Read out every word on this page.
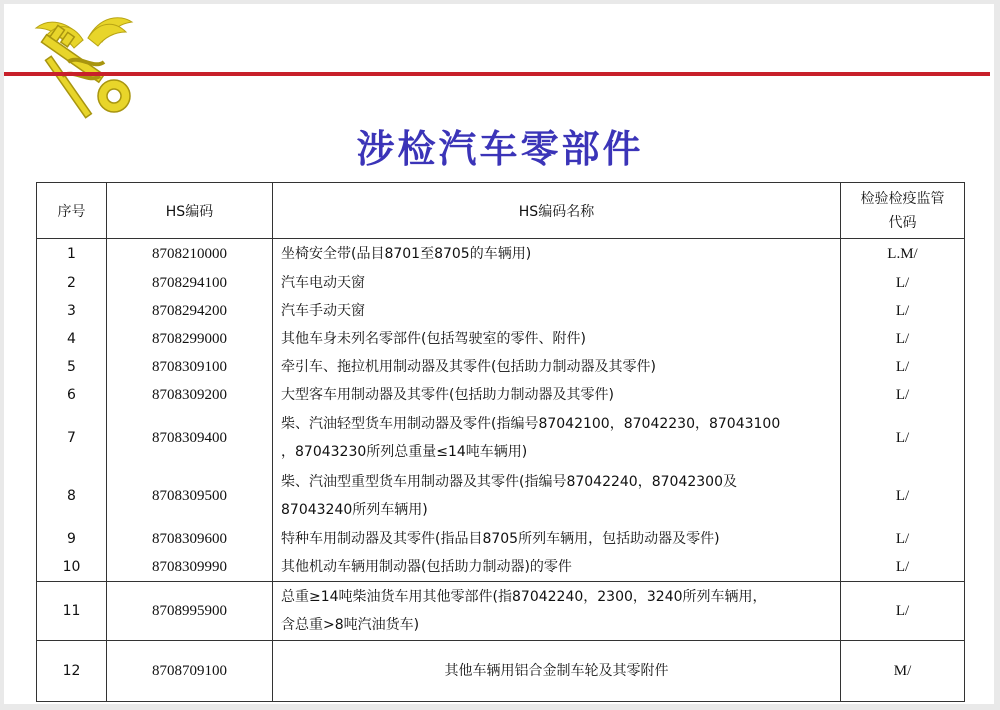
涉检汽车零部件
序号	HS编码	HS编码名称	检验检疫监管
代码
1	8708210000	坐椅安全带(品目8701至8705的车辆用)	L.M/
2	8708294100	汽车电动天窗	L/
3	8708294200	汽车手动天窗	L/
4	8708299000	其他车身未列名零部件(包括驾驶室的零件、附件)	L/
5	8708309100	牵引车、拖拉机用制动器及其零件(包括助力制动器及其零件)	L/
6	8708309200	大型客车用制动器及其零件(包括助力制动器及其零件)	L/
7	8708309400	柴、汽油轻型货车用制动器及零件(指编号87042100，87042230，87043100
，87043230所列总重量≤14吨车辆用)	L/
8	8708309500	柴、汽油型重型货车用制动器及其零件(指编号87042240，87042300及
87043240所列车辆用)	L/
9	8708309600	特种车用制动器及其零件(指品目8705所列车辆用，包括助动器及零件)	L/
10	8708309990	其他机动车辆用制动器(包括助力制动器)的零件	L/
11	8708995900	总重≥14吨柴油货车用其他零部件(指87042240，2300，3240所列车辆用，
含总重>8吨汽油货车)	L/
12	8708709100	其他车辆用铝合金制车轮及其零附件	M/
